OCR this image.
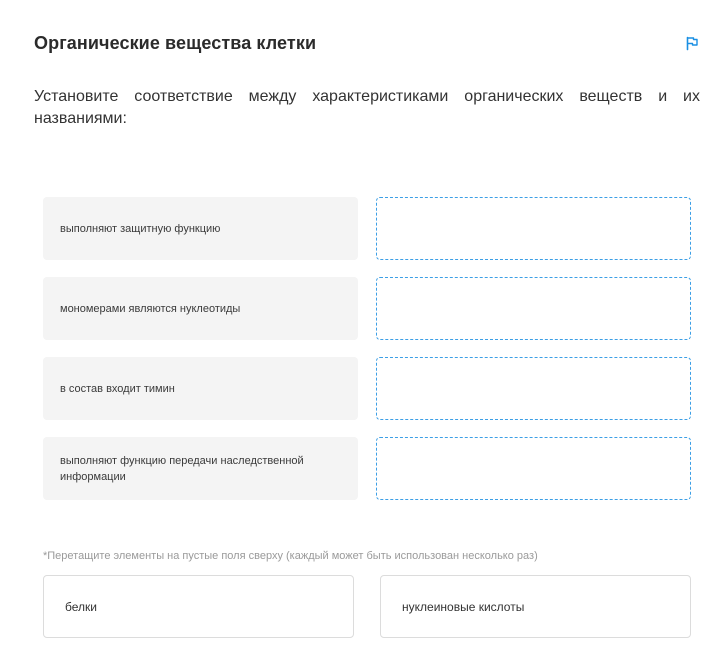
Органические вещества клетки

Установите соответствие между характеристиками органических веществ и их названиями:

выполняют защитную функцию
мономерами являются нуклеотиды
в состав входит тимин
выполняют функцию передачи наследственной информации
*Перетащите элементы на пустые поля сверху (каждый может быть использован несколько раз)
белки	нуклеиновые кислоты
